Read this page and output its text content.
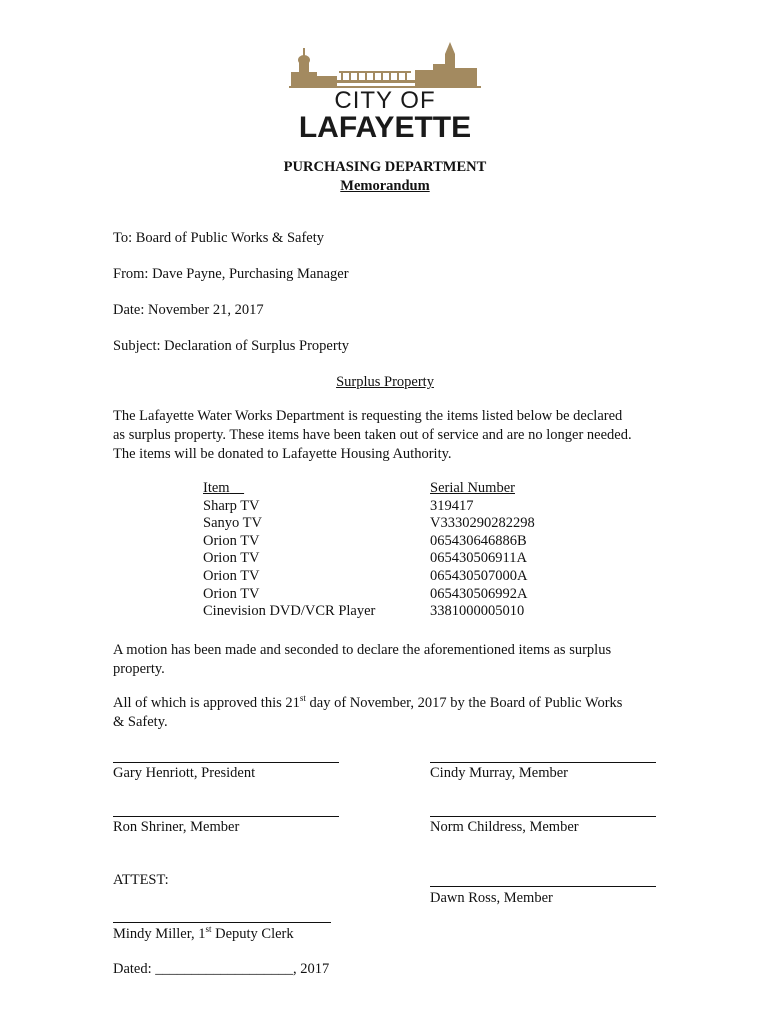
CITY OF
LAFAYETTE
PURCHASING DEPARTMENT
Memorandum
To: Board of Public Works & Safety
From: Dave Payne, Purchasing Manager
Date: November 21, 2017
Subject: Declaration of Surplus Property
Surplus Property
The Lafayette Water Works Department is requesting the items listed below be declared
as surplus property. These items have been taken out of service and are no longer needed.
The items will be donated to Lafayette Housing Authority.
Item
Sharp TV
Sanyo TV
Orion TV
Orion TV
Orion TV
Orion TV
Cinevision DVD/VCR Player
Serial Number
319417
V3330290282298
065430646886B
065430506911A
065430507000A
065430506992A
3381000005010
A motion has been made and seconded to declare the aforementioned items as surplus
property.
All of which is approved this 21st day of November, 2017 by the Board of Public Works
& Safety.
Gary Henriott, President	Cindy Murray, Member
Ron Shriner, Member	Norm Childress, Member
ATTEST:
Dawn Ross, Member
Mindy Miller, 1st Deputy Clerk
Dated: ___________________, 2017
